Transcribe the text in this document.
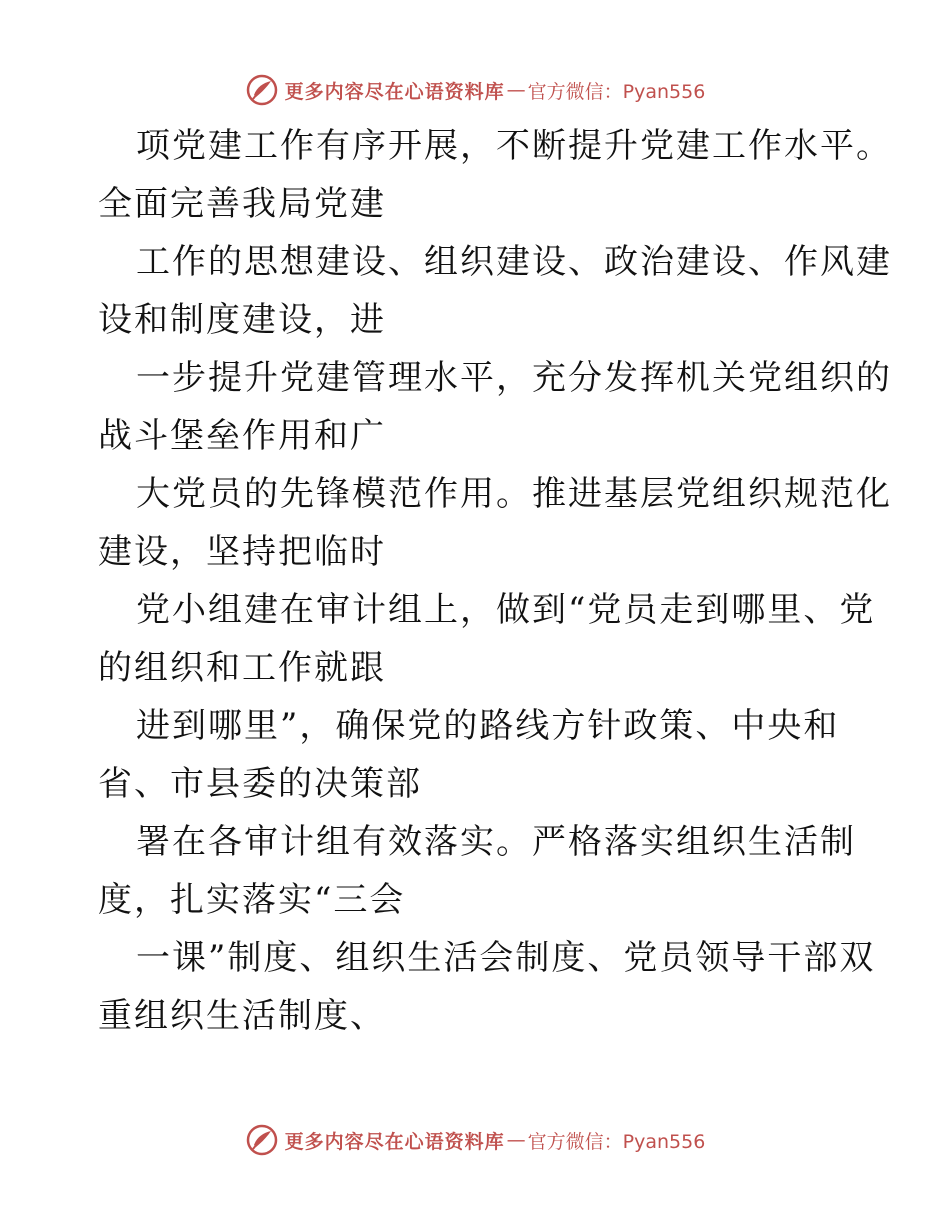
更多内容尽在心语资料库 — 官方微信：Pyan556
项党建工作有序开展，不断提升党建工作水平。
全面完善我局党建
工作的思想建设、组织建设、政治建设、作风建
设和制度建设，进
一步提升党建管理水平，充分发挥机关党组织的
战斗堡垒作用和广
大党员的先锋模范作用。推进基层党组织规范化
建设，坚持把临时
党小组建在审计组上，做到“党员走到哪里、党
的组织和工作就跟
进到哪里”，确保党的路线方针政策、中央和
省、市县委的决策部
署在各审计组有效落实。严格落实组织生活制
度，扎实落实“三会
一课”制度、组织生活会制度、党员领导干部双
重组织生活制度、
更多内容尽在心语资料库 — 官方微信：Pyan556
